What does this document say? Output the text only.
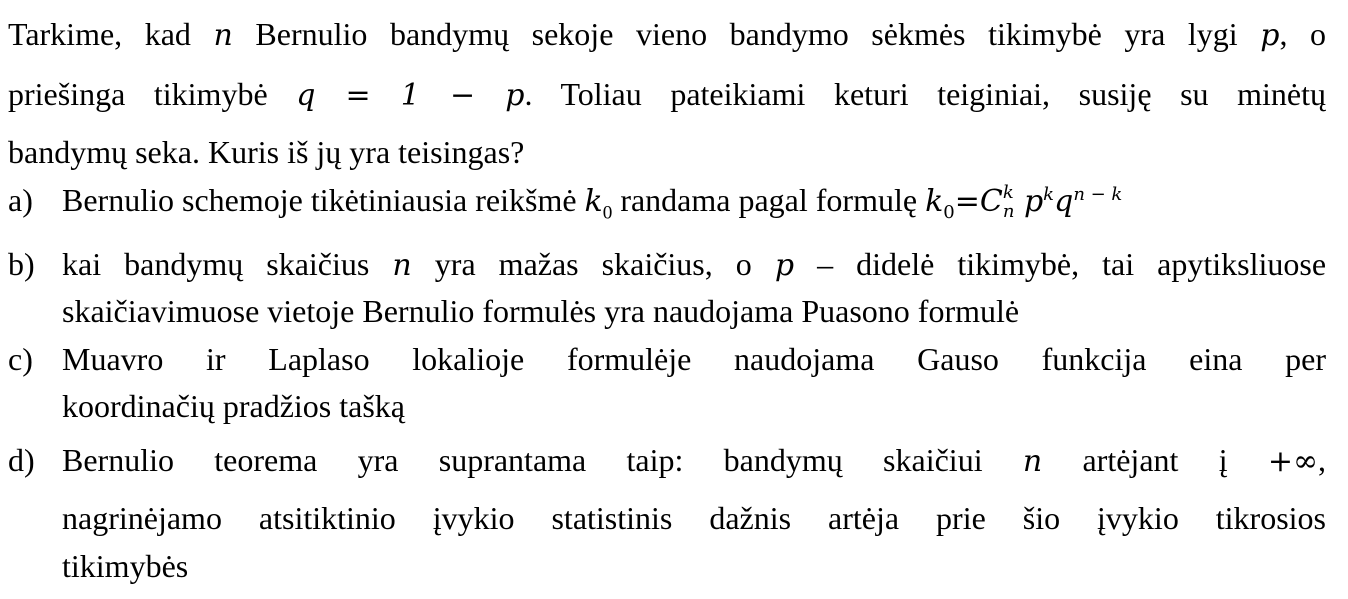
Tarkime, kad n Bernulio bandymų sekoje vieno bandymo sėkmės tikimybė yra lygi p, o
priešinga tikimybė q = 1 − p. Toliau pateikiami keturi teiginiai, susiję su minėtų
bandymų seka. Kuris iš jų yra teisingas?
a) Bernulio schemoje tikėtiniausia reikšmė $k_0$ randama pagal formulę $k_0=C$ k
n $p^kq^{n - k}$
b) kai bandymų skaičius n yra mažas skaičius, o p – didelė tikimybė, tai apytiksliuose
skaičiavimuose vietoje Bernulio formulės yra naudojama Puasono formulė
c) Muavro ir Laplaso lokalioje formulėje naudojama Gauso funkcija eina per
koordinačių pradžios tašką
d) Bernulio teorema yra suprantama taip: bandymų skaičiui n artėjant į +∞,
nagrinėjamo atsitiktinio įvykio statistinis dažnis artėja prie šio įvykio tikrosios
tikimybės
